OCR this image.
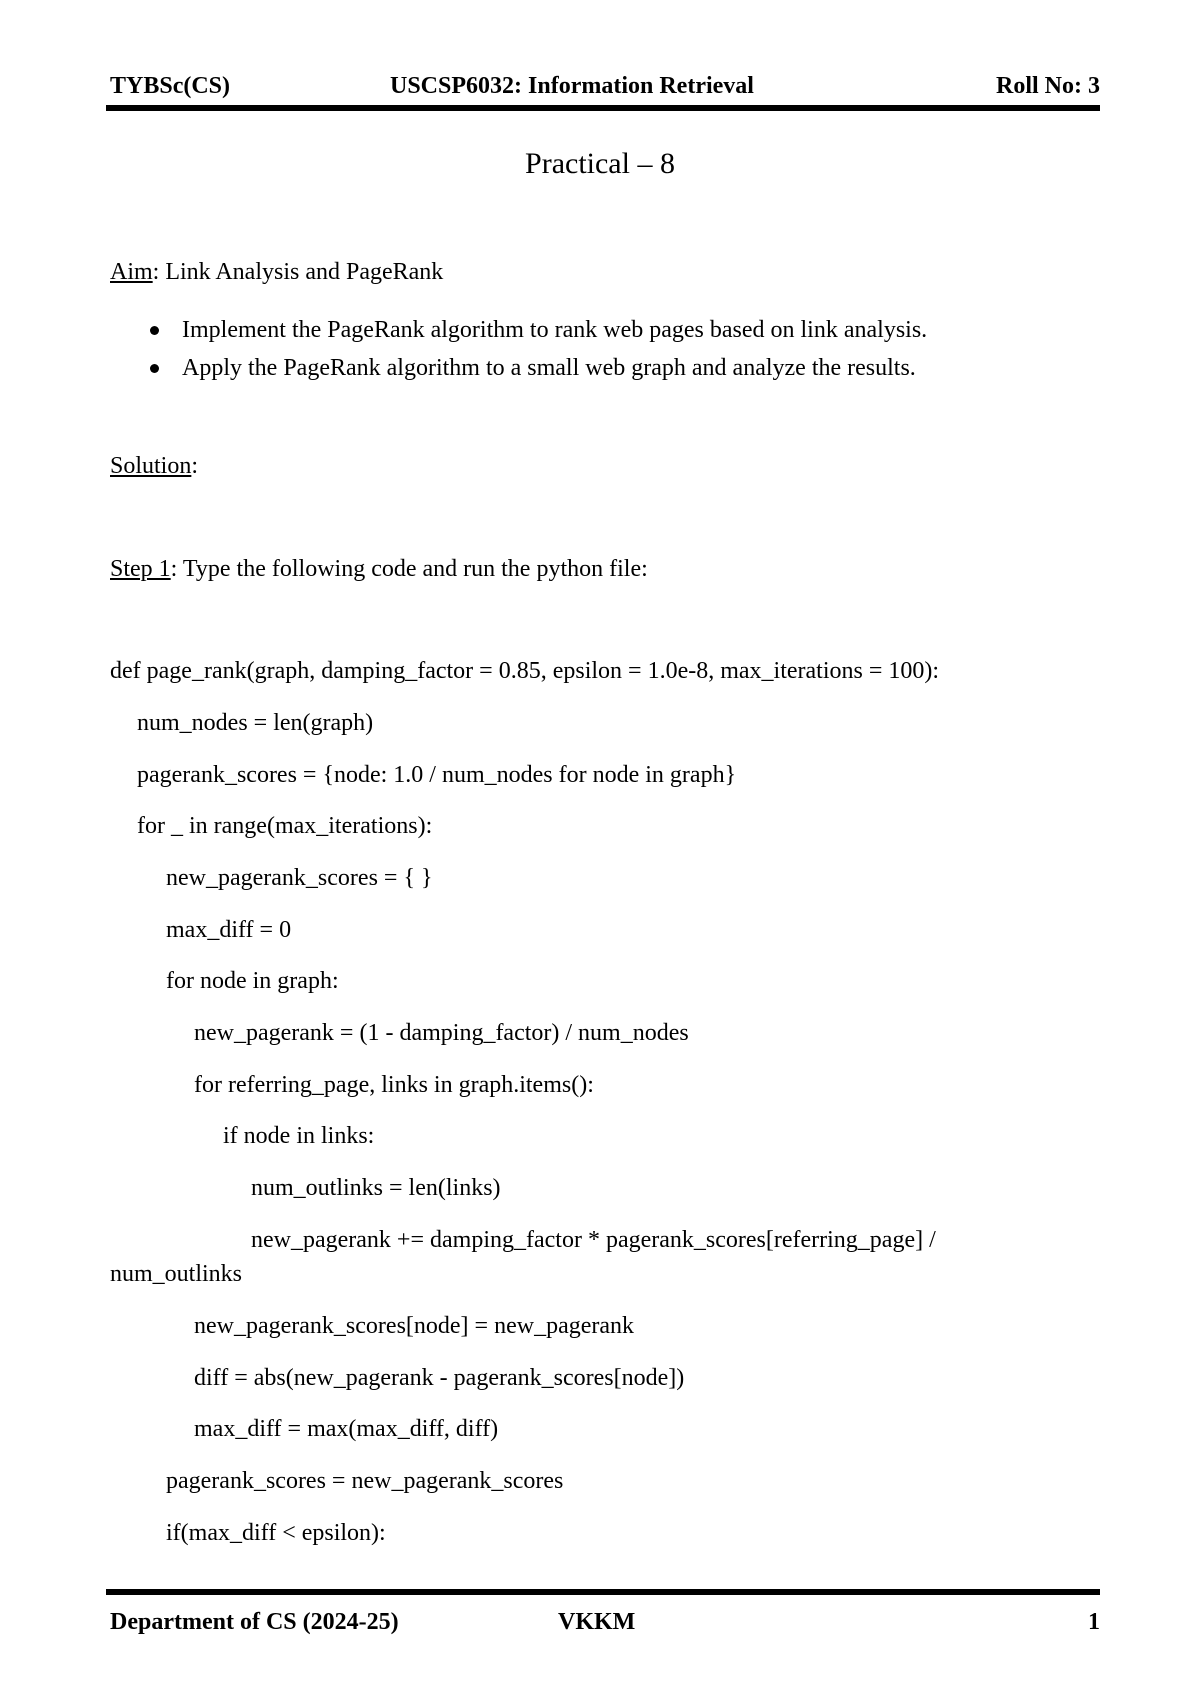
TYBSc(CS)	USCSP6032: Information Retrieval	Roll No: 3
Practical – 8
Aim: Link Analysis and PageRank
Implement the PageRank algorithm to rank web pages based on link analysis.
Apply the PageRank algorithm to a small web graph and analyze the results.
Solution:
Step 1: Type the following code and run the python file:
def page_rank(graph, damping_factor = 0.85, epsilon = 1.0e-8, max_iterations = 100):
num_nodes = len(graph)
pagerank_scores = {node: 1.0 / num_nodes for node in graph}
for _ in range(max_iterations):
new_pagerank_scores = { }
max_diff = 0
for node in graph:
new_pagerank = (1 - damping_factor) / num_nodes
for referring_page, links in graph.items():
if node in links:
num_outlinks = len(links)
new_pagerank += damping_factor * pagerank_scores[referring_page] /
num_outlinks
new_pagerank_scores[node] = new_pagerank
diff = abs(new_pagerank - pagerank_scores[node])
max_diff = max(max_diff, diff)
pagerank_scores = new_pagerank_scores
if(max_diff < epsilon):
Department of CS (2024-25)	VKKM	1
